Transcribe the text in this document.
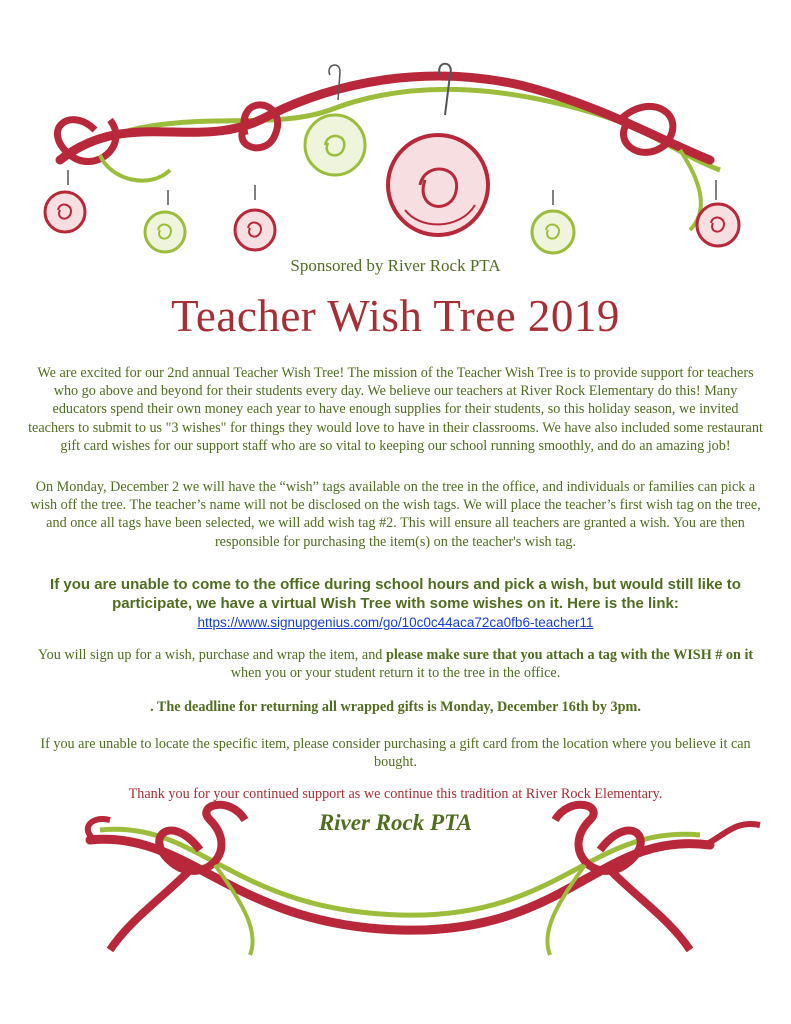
Sponsored by River Rock PTA
Teacher Wish Tree 2019
We are excited for our 2nd annual Teacher Wish Tree! The mission of the Teacher Wish Tree is to provide support for teachers who go above and beyond for their students every day. We believe our teachers at River Rock Elementary do this! Many educators spend their own money each year to have enough supplies for their students, so this holiday season, we invited teachers to submit to us "3 wishes" for things they would love to have in their classrooms. We have also included some restaurant gift card wishes for our support staff who are so vital to keeping our school running smoothly, and do an amazing job!
On Monday, December 2 we will have the “wish” tags available on the tree in the office, and individuals or families can pick a wish off the tree. The teacher’s name will not be disclosed on the wish tags. We will place the teacher’s first wish tag on the tree, and once all tags have been selected, we will add wish tag #2. This will ensure all teachers are granted a wish. You are then responsible for purchasing the item(s) on the teacher's wish tag.
If you are unable to come to the office during school hours and pick a wish, but would still like to participate, we have a virtual Wish Tree with some wishes on it. Here is the link:
https://www.signupgenius.com/go/10c0c44aca72ca0fb6-teacher11
You will sign up for a wish, purchase and wrap the item, and please make sure that you attach a tag with the WISH # on it when you or your student return it to the tree in the office.
. The deadline for returning all wrapped gifts is Monday, December 16th by 3pm.
If you are unable to locate the specific item, please consider purchasing a gift card from the location where you believe it can bought.
Thank you for your continued support as we continue this tradition at River Rock Elementary.
River Rock PTA
